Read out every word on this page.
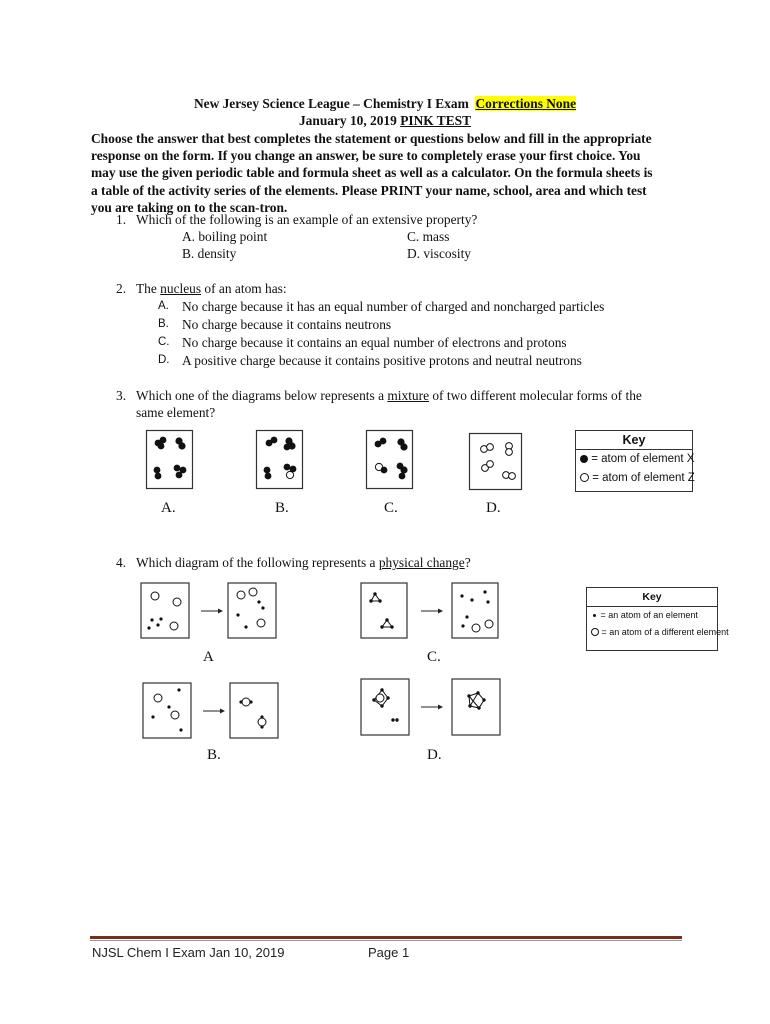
New Jersey Science League – Chemistry I Exam Corrections None
January 10, 2019 PINK TEST
Choose the answer that best completes the statement or questions below and fill in the appropriate
response on the form. If you change an answer, be sure to completely erase your first choice. You
may use the given periodic table and formula sheet as well as a calculator. On the formula sheets is
a table of the activity series of the elements. Please PRINT your name, school, area and which test
you are taking on to the scan-tron.
1. Which of the following is an example of an extensive property?
A. boiling point	C. mass
B. density	D. viscosity
2. The nucleus of an atom has:
A. No charge because it has an equal number of charged and noncharged particles
B. No charge because it contains neutrons
C. No charge because it contains an equal number of electrons and protons
D. A positive charge because it contains positive protons and neutral neutrons
3. Which one of the diagrams below represents a mixture of two different molecular forms of the
same element?
A.	B.	C.	D.
Key
= atom of element X
= atom of element Z
4. Which diagram of the following represents a physical change?
A	C.
B.	D.
Key
= an atom of an element
= an atom of a different element
NJSL Chem I Exam Jan 10, 2019	Page 1
